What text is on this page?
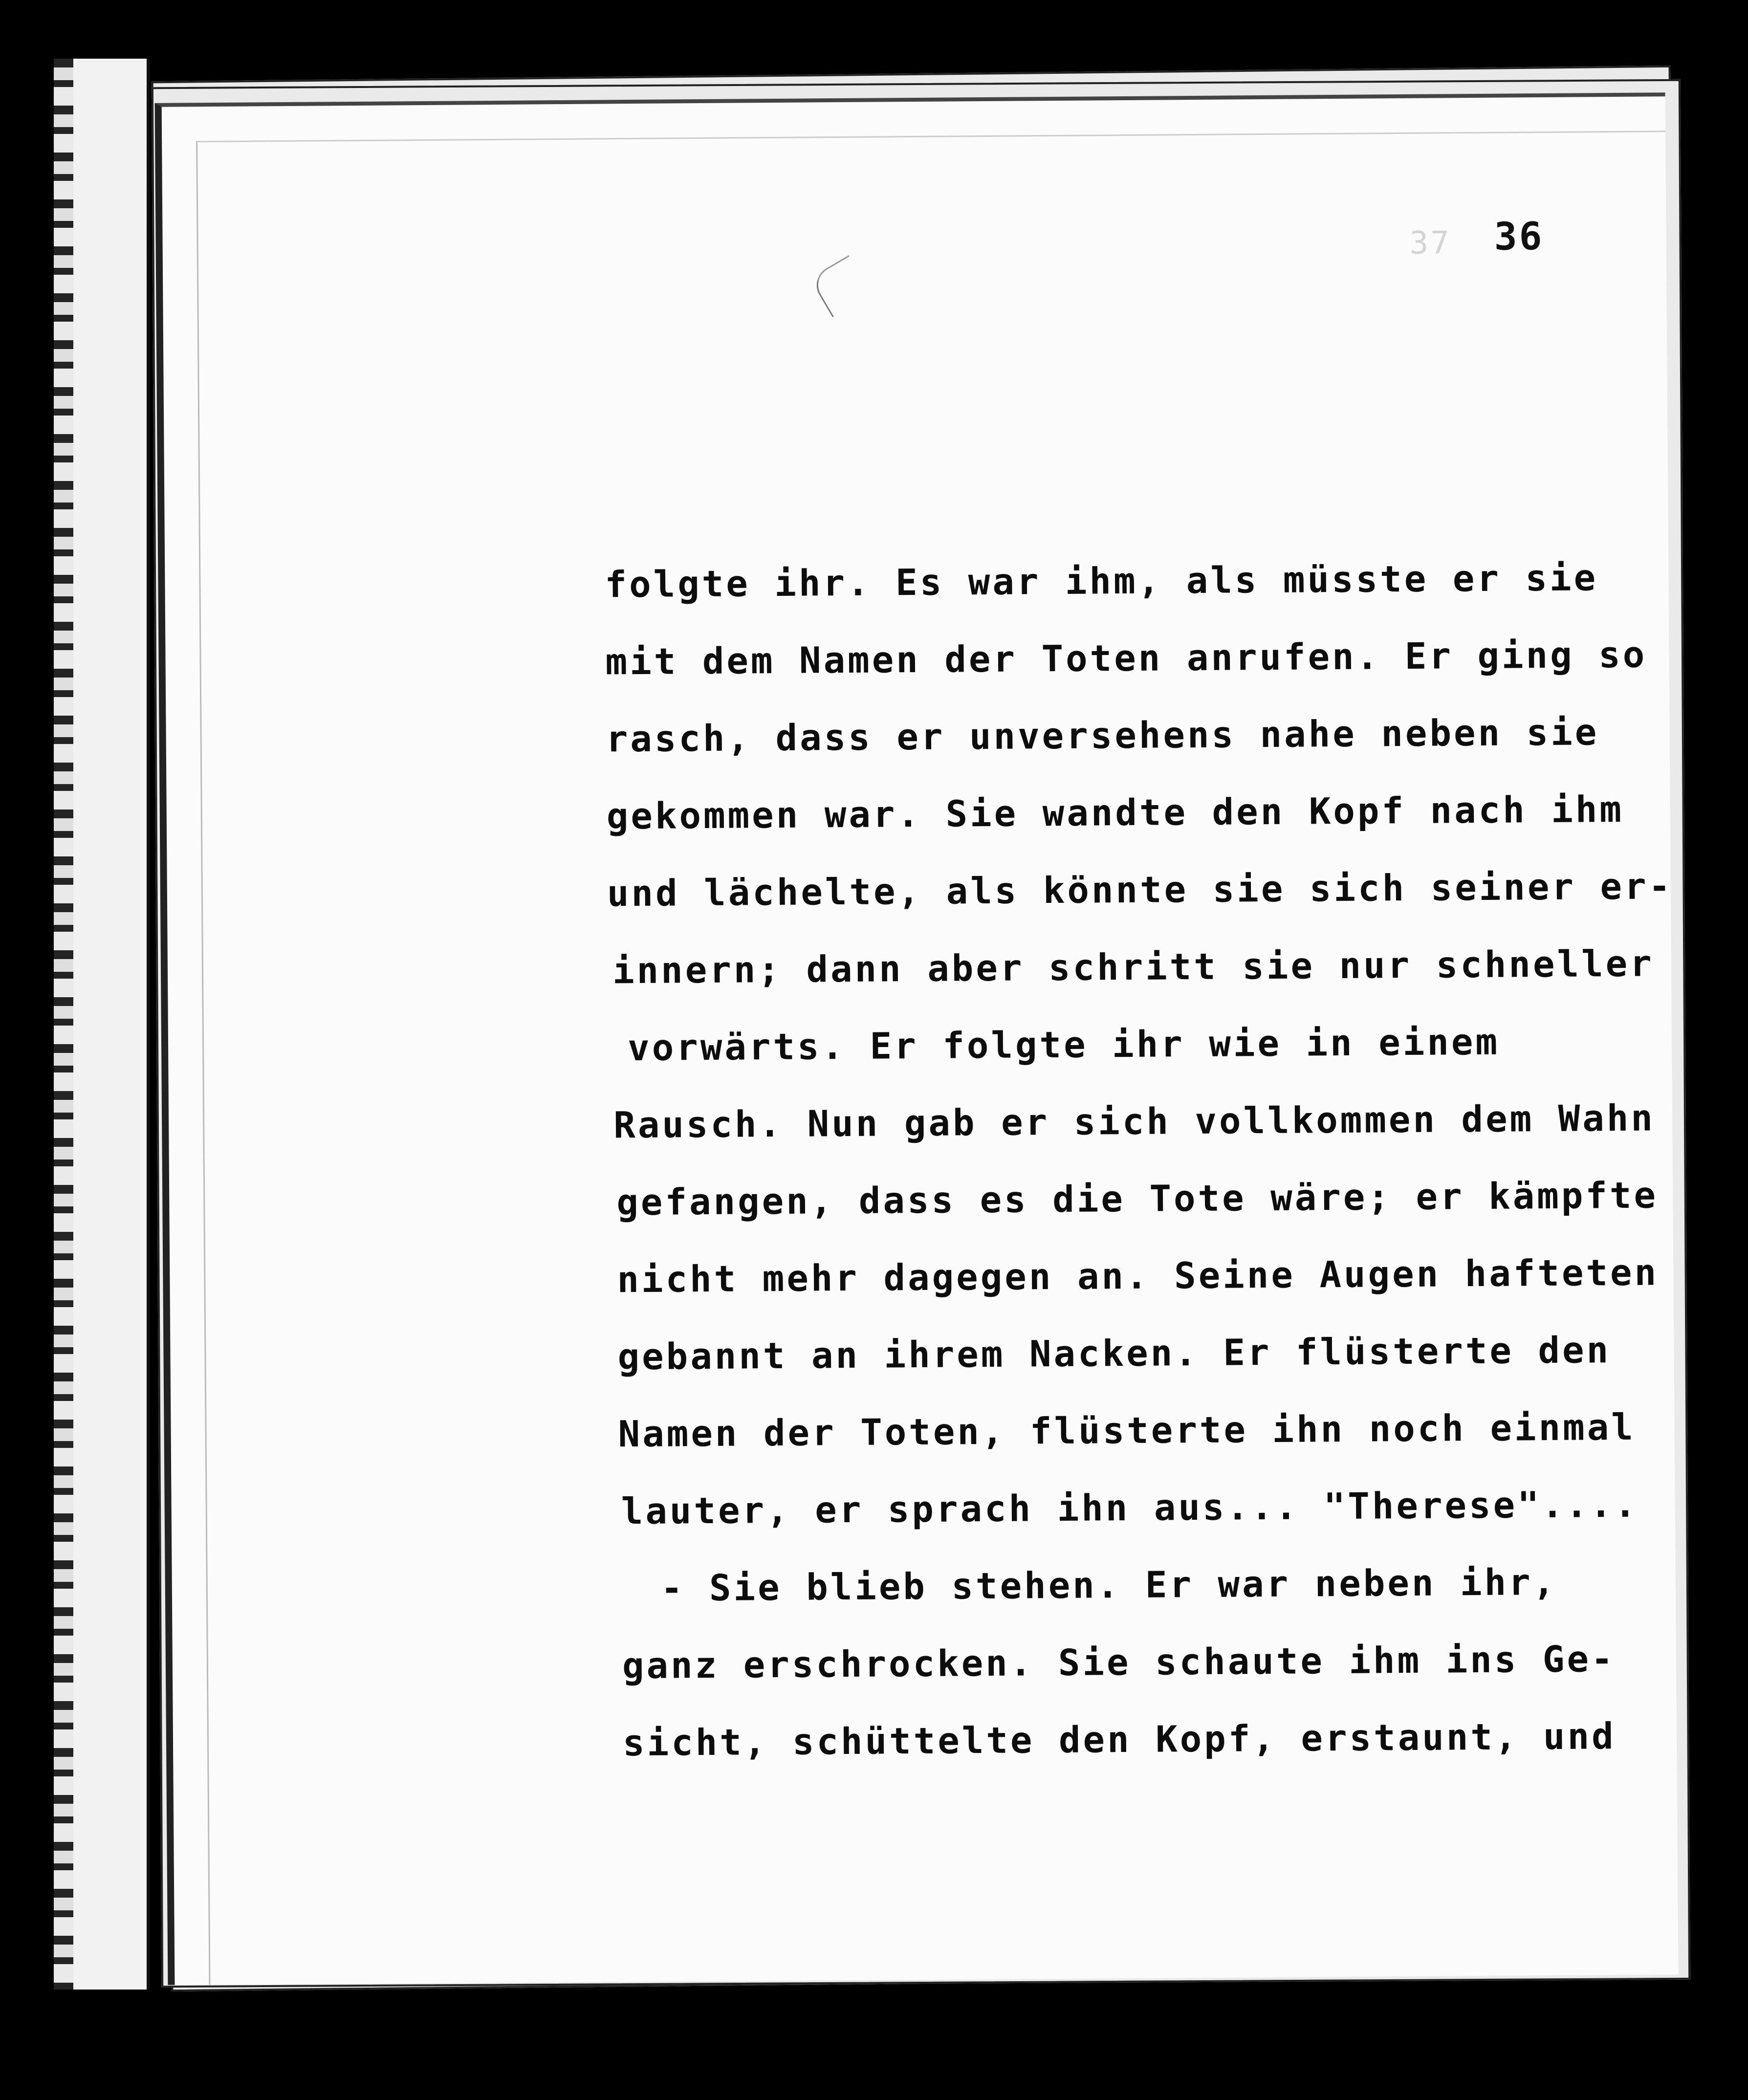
37 36
folgte ihr. Es war ihm, als müsste er sie
mit dem Namen der Toten anrufen. Er ging so
rasch, dass er unversehens nahe neben sie
gekommen war. Sie wandte den Kopf nach ihm
und lächelte, als könnte sie sich seiner er-
innern; dann aber schritt sie nur schneller
vorwärts. Er folgte ihr wie in einem
Rausch. Nun gab er sich vollkommen dem Wahn
gefangen, dass es die Tote wäre; er kämpfte
nicht mehr dagegen an. Seine Augen hafteten
gebannt an ihrem Nacken. Er flüsterte den
Namen der Toten, flüsterte ihn noch einmal
lauter, er sprach ihn aus... "Therese"....
- Sie blieb stehen. Er war neben ihr,
ganz erschrocken. Sie schaute ihm ins Ge-
sicht, schüttelte den Kopf, erstaunt, und
